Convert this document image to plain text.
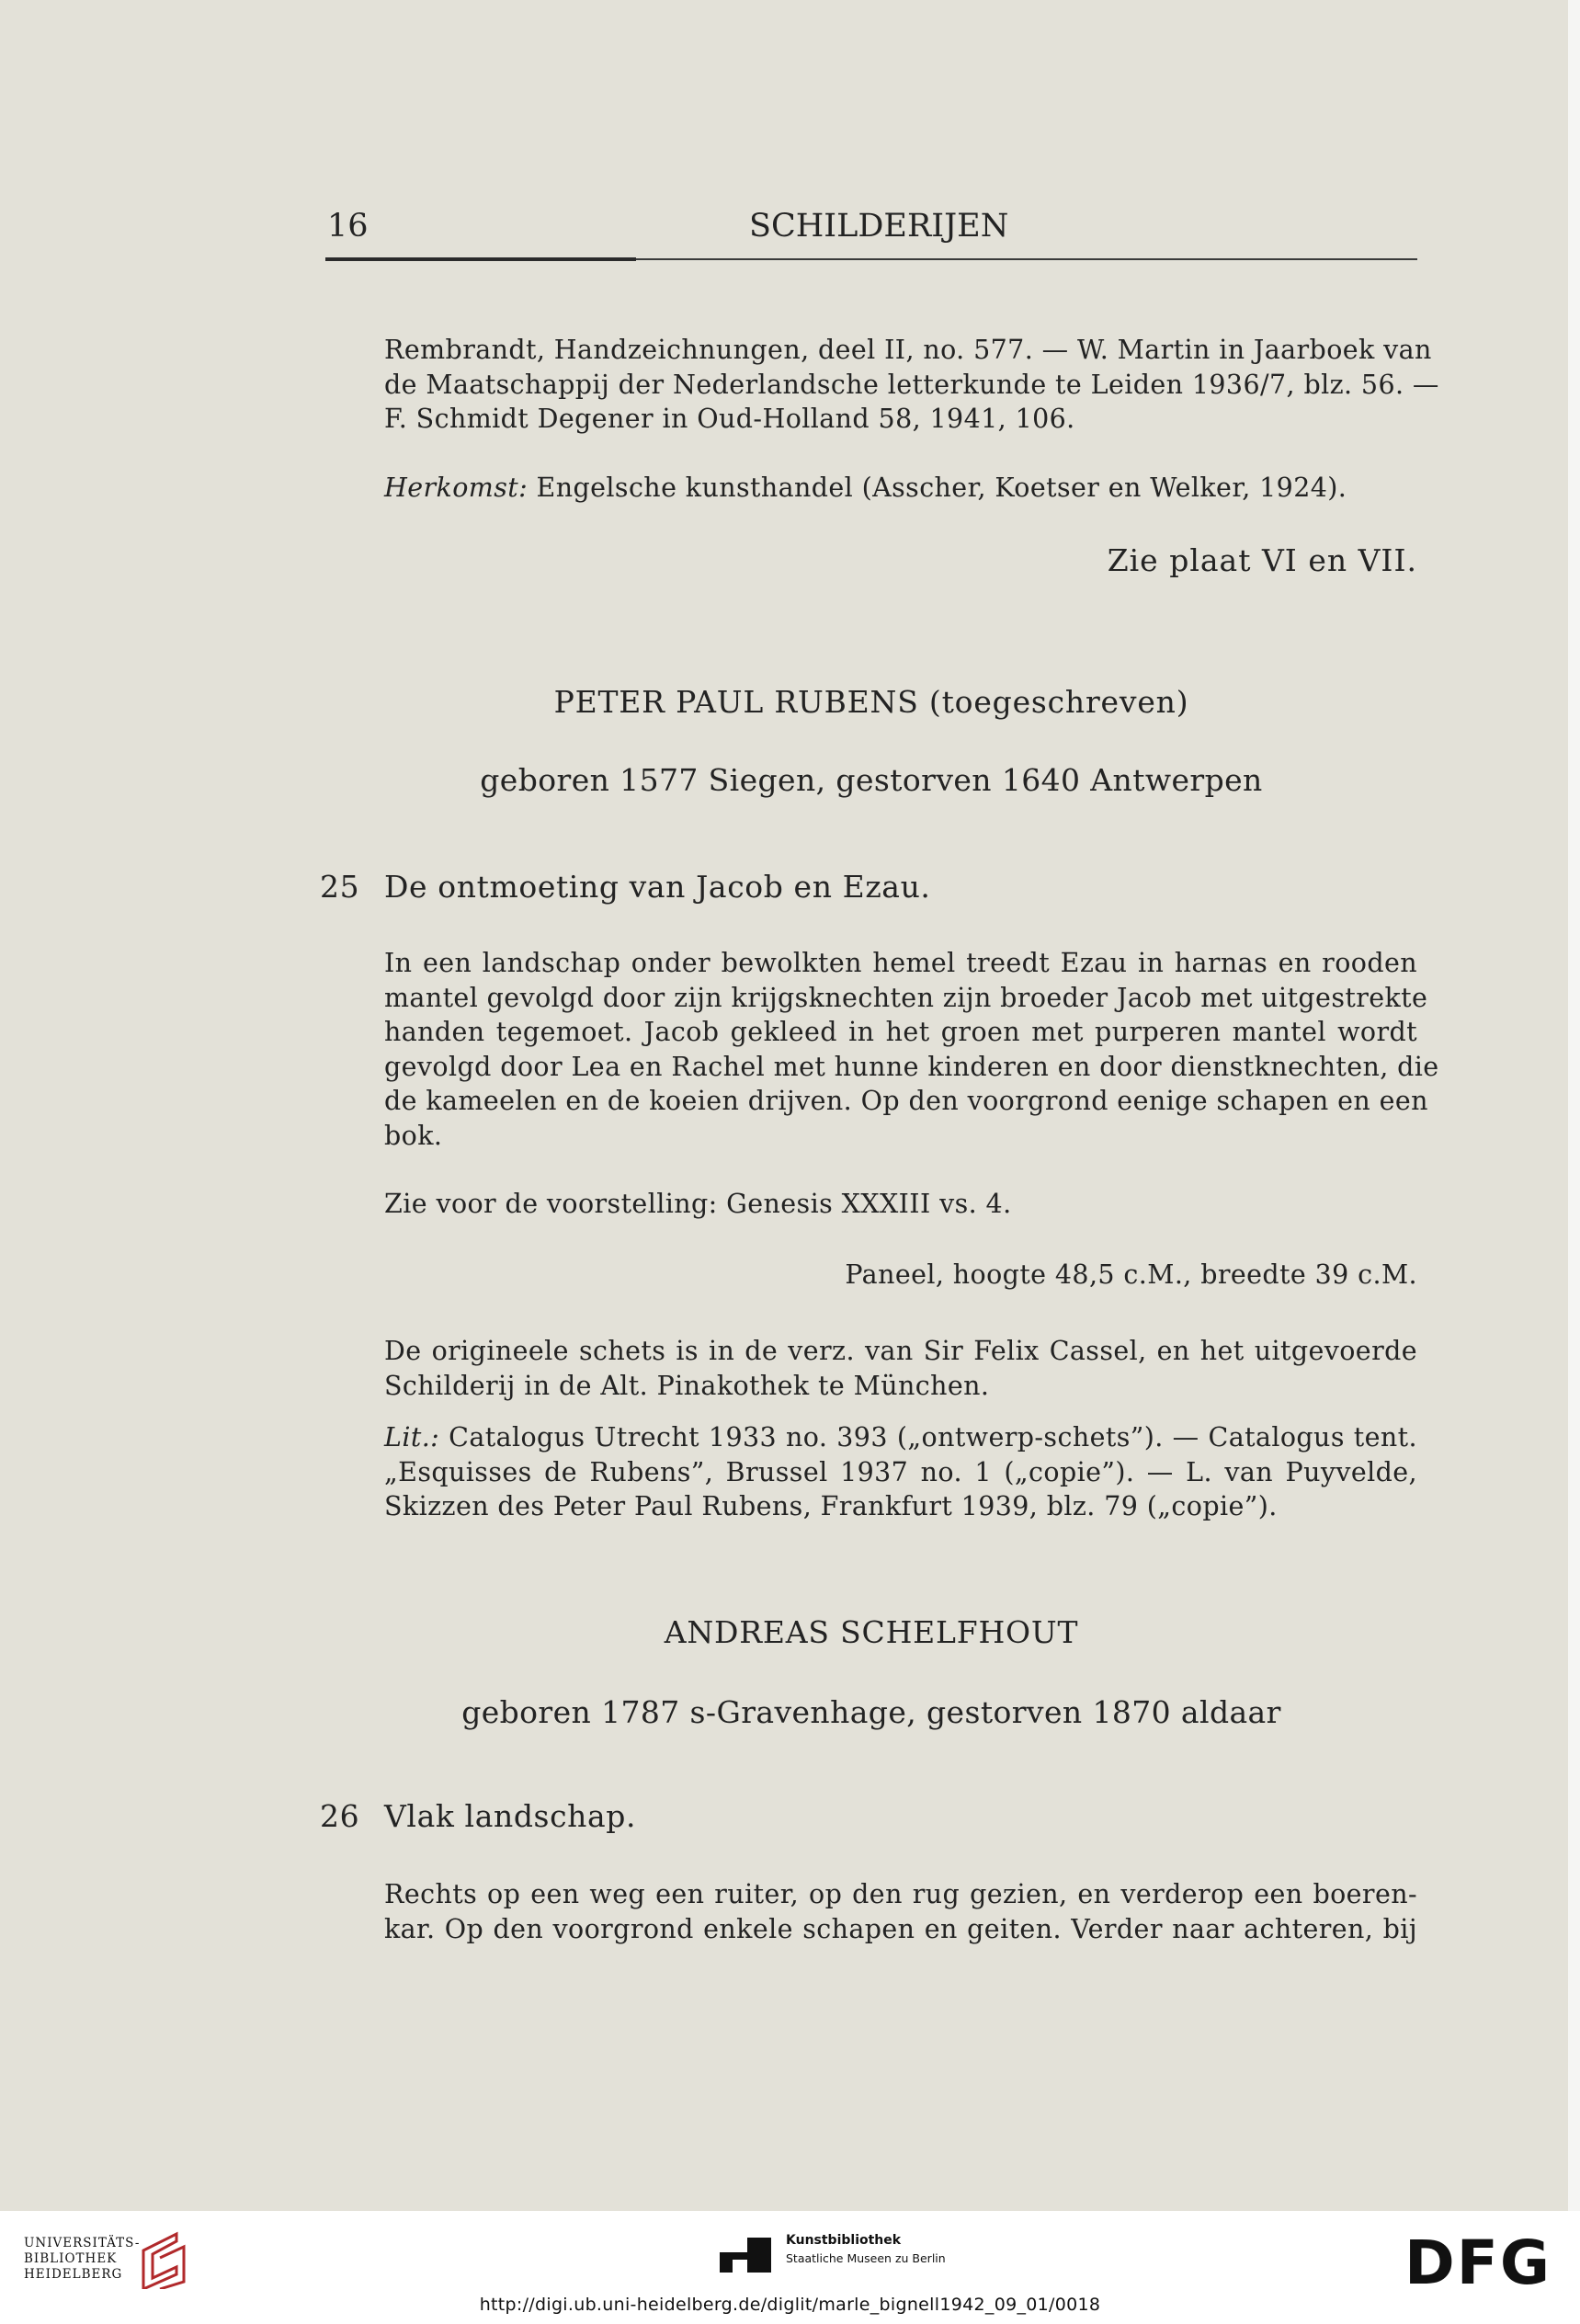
16	SCHILDERIJEN
Rembrandt, Handzeichnungen, deel II, no. 577. — W. Martin in Jaarboek van
de Maatschappij der Nederlandsche letterkunde te Leiden 1936/7, blz. 56. —
F. Schmidt Degener in Oud-Holland 58, 1941, 106.
Herkomst: Engelsche kunsthandel (Asscher, Koetser en Welker, 1924).
Zie plaat VI en VII.
PETER PAUL RUBENS (toegeschreven)
geboren 1577 Siegen, gestorven 1640 Antwerpen
25 De ontmoeting van Jacob en Ezau.
In een landschap onder bewolkten hemel treedt Ezau in harnas en rooden
mantel gevolgd door zijn krijgsknechten zijn broeder Jacob met uitgestrekte
handen tegemoet. Jacob gekleed in het groen met purperen mantel wordt
gevolgd door Lea en Rachel met hunne kinderen en door dienstknechten, die
de kameelen en de koeien drijven. Op den voorgrond eenige schapen en een
bok.
Zie voor de voorstelling: Genesis XXXIII vs. 4.
Paneel, hoogte 48,5 c.M., breedte 39 c.M.
De origineele schets is in de verz. van Sir Felix Cassel, en het uitgevoerde
Schilderij in de Alt. Pinakothek te München.
Lit.: Catalogus Utrecht 1933 no. 393 („ontwerp-schets”). — Catalogus tent.
„Esquisses de Rubens”, Brussel 1937 no. 1 („copie”). — L. van Puyvelde,
Skizzen des Peter Paul Rubens, Frankfurt 1939, blz. 79 („copie”).
ANDREAS SCHELFHOUT
geboren 1787 s-Gravenhage, gestorven 1870 aldaar
26 Vlak landschap.
Rechts op een weg een ruiter, op den rug gezien, en verderop een boeren-
kar. Op den voorgrond enkele schapen en geiten. Verder naar achteren, bij
UNIVERSITÄTS-
BIBLIOTHEK
HEIDELBERG
Kunstbibliothek
Staatliche Museen zu Berlin	DFG
http://digi.ub.uni-heidelberg.de/diglit/marle_bignell1942_09_01/0018
